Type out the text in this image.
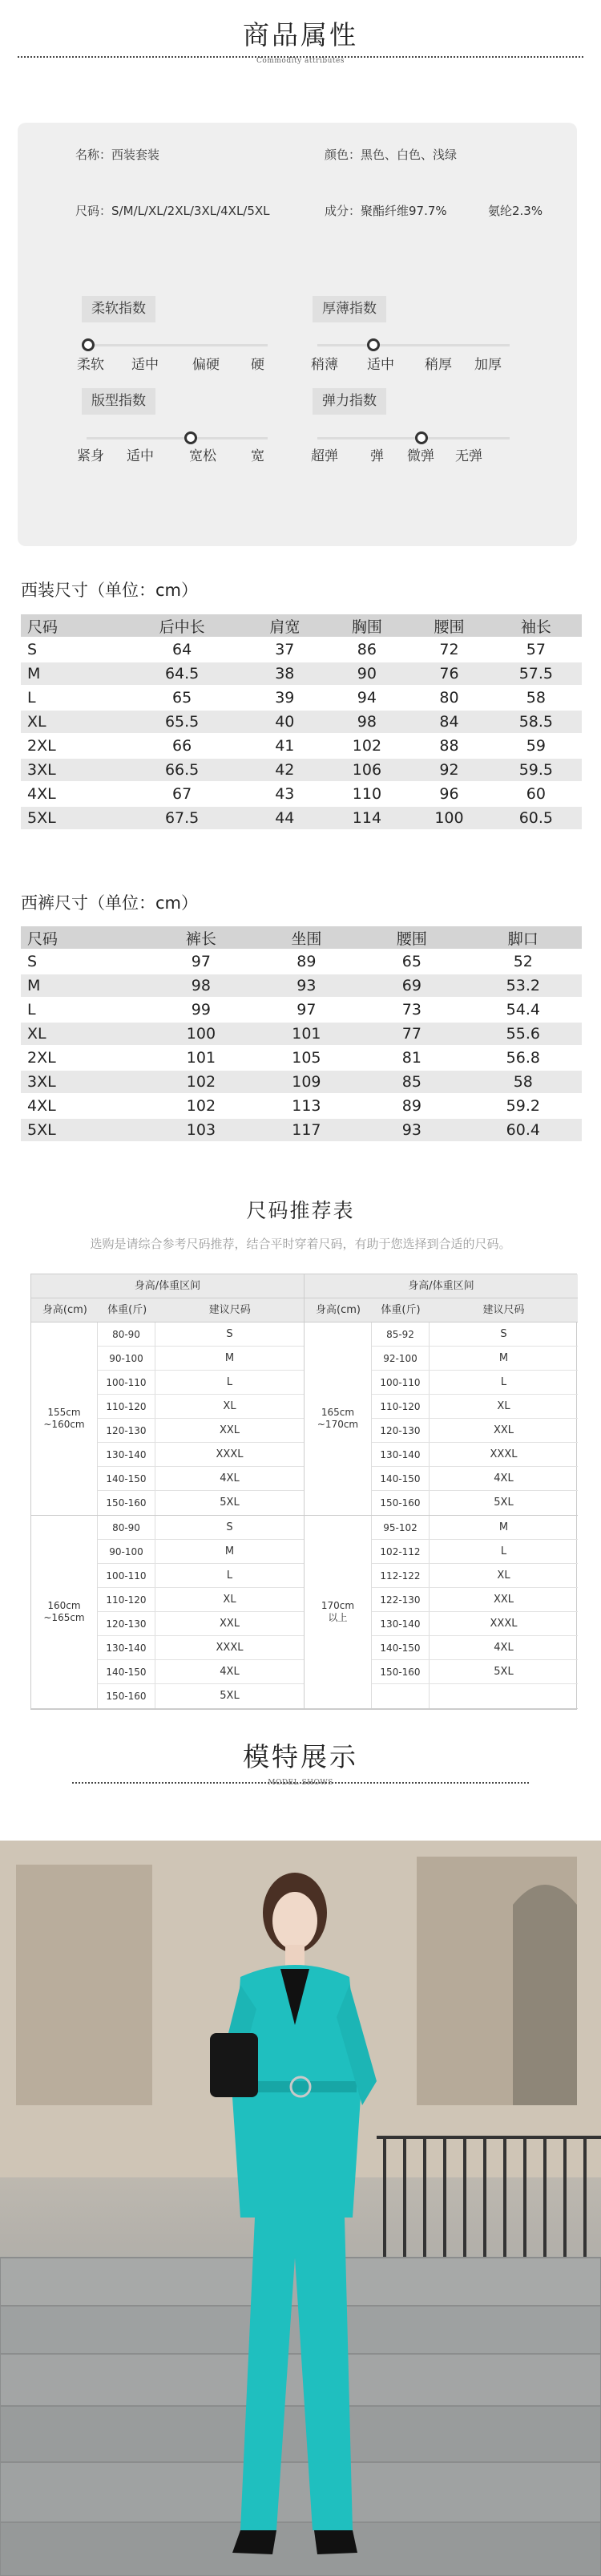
商品属性
Commodity attributes
名称：西装套装	颜色：黑色、白色、浅绿
尺码：S/M/L/XL/2XL/3XL/4XL/5XL	成分：聚酯纤维97.7%	氨纶2.3%
柔软指数
柔软 适中 偏硬 硬
厚薄指数
稍薄 适中 稍厚 加厚
版型指数
紧身 适中	宽松	宽
弹力指数
超弹 弹 微弹 无弹
西装尺寸（单位：cm）
尺码	后中长	肩宽	胸围	腰围	袖长
S	64	37	86	72	57
M	64.5	38	90	76	57.5
L	65	39	94	80	58
XL	65.5	40	98	84	58.5
2XL	66	41	102	88	59
3XL	66.5	42	106	92	59.5
4XL	67	43	110	96	60
5XL	67.5	44	114	100	60.5
西裤尺寸（单位：cm）
尺码	裤长	坐围	腰围	脚口
S	97	89	65	52
M	98	93	69	53.2
L	99	97	73	54.4
XL	100	101	77	55.6
2XL	101	105	81	56.8
3XL	102	109	85	58
4XL	102	113	89	59.2
5XL	103	117	93	60.4
尺码推荐表
选购是请综合参考尺码推荐，结合平时穿着尺码，有助于您选择到合适的尺码。
身高/体重区间
身高(cm)	体重(斤)	建议尺码
155cm
~160cm
80-90	S
90-100	M
100-110	L
110-120	XL
120-130	XXL
130-140	XXXL
140-150	4XL
150-160	5XL
160cm
~165cm
80-90	S
90-100	M
100-110	L
110-120	XL
120-130	XXL
130-140	XXXL
140-150	4XL
150-160	5XL
身高/体重区间
身高(cm)	体重(斤)	建议尺码
165cm
~170cm
85-92	S
92-100	M
100-110	L
110-120	XL
120-130	XXL
130-140	XXXL
140-150	4XL
150-160	5XL
170cm
以上
95-102	M
102-112	L
112-122	XL
122-130	XXL
130-140	XXXL
140-150	4XL
150-160	5XL
模特展示
MODEL SHOWS
